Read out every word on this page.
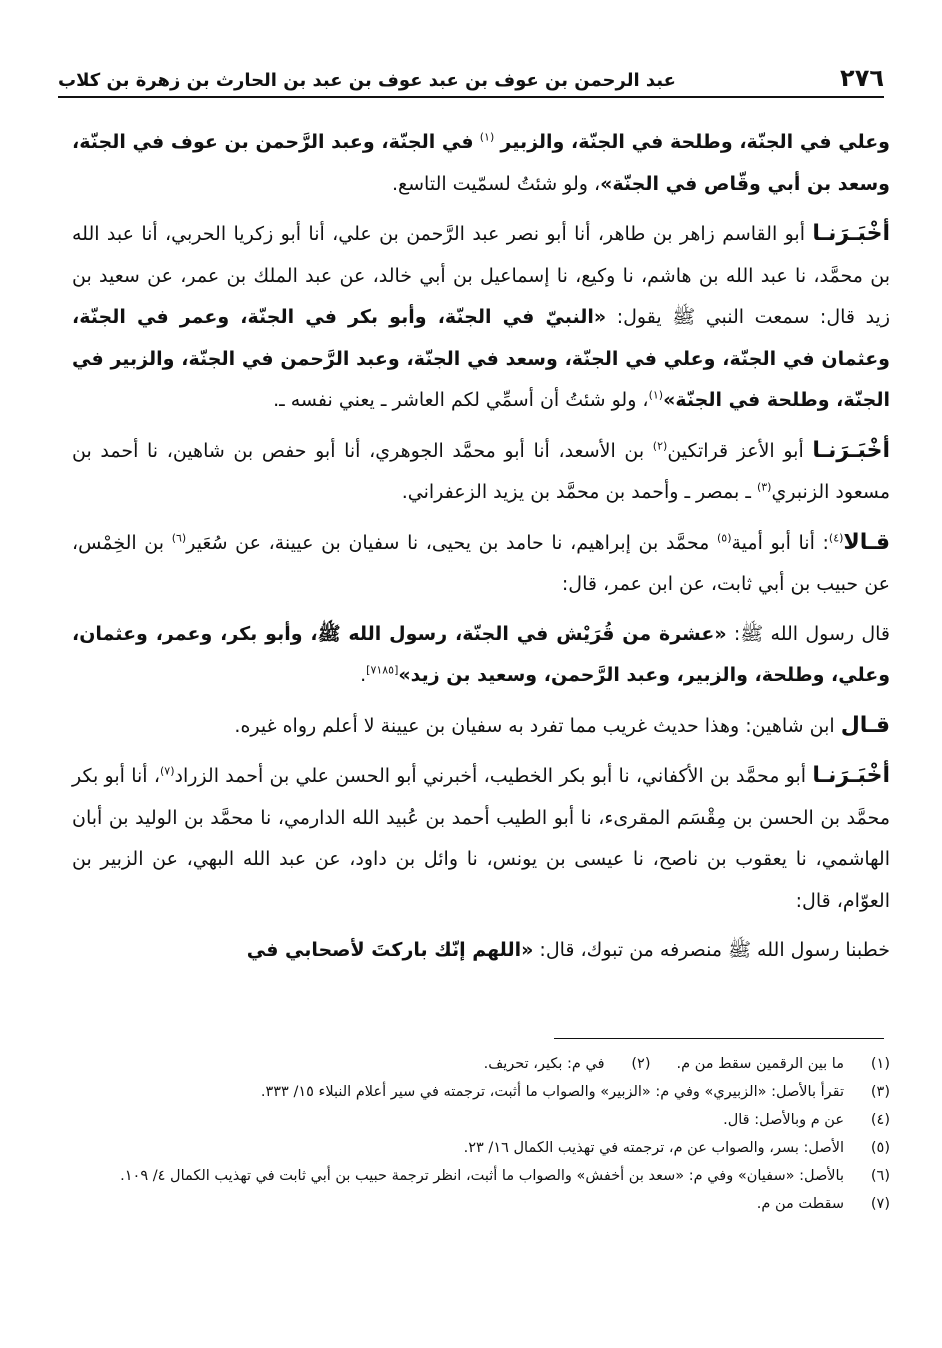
٢٧٦
عبد الرحمن بن عوف بن عبد عوف بن عبد بن الحارث بن زهرة بن كلاب

وعلي في الجنّة، وطلحة في الجنّة، والزبير $^{(١)}$ في الجنّة، وعبد الرَّحمن بن عوف في الجنّة، وسعد بن أبي وقّاص في الجنّة»، ولو شئتُ لسمّيت التاسع.

أخْبَـرَنـا أبو القاسم زاهر بن طاهر، أنا أبو نصر عبد الرَّحمن بن علي، أنا أبو زكريا الحربي، أنا عبد الله بن محمَّد، نا عبد الله بن هاشم، نا وكيع، نا إسماعيل بن أبي خالد، عن عبد الملك بن عمر، عن سعيد بن زيد قال: سمعت النبي ﷺ يقول: «النبيّ في الجنّة، وأبو بكر في الجنّة، وعمر في الجنّة، وعثمان في الجنّة، وعلي في الجنّة، وسعد في الجنّة، وعبد الرَّحمن في الجنّة، والزبير في الجنّة، وطلحة في الجنّة»$^{(١)}$، ولو شئتُ أن أسمِّي لكم العاشر ـ يعني نفسه ـ.

أخْبَـرَنـا أبو الأعز قراتكين$^{(٢)}$ بن الأسعد، أنا أبو محمَّد الجوهري، أنا أبو حفص بن شاهين، نا أحمد بن مسعود الزنبري$^{(٣)}$ ـ بمصر ـ وأحمد بن محمَّد بن يزيد الزعفراني.

قـالا$^{(٤)}$: أنا أبو أمية$^{(٥)}$ محمَّد بن إبراهيم، نا حامد بن يحيى، نا سفيان بن عيينة، عن سُعَير$^{(٦)}$ بن الخِمْس، عن حبيب بن أبي ثابت، عن ابن عمر، قال:

قال رسول الله ﷺ: «عشرة من قُرَيْش في الجنّة، رسول الله ﷺ، وأبو بكر، وعمر، وعثمان، وعلي، وطلحة، والزبير، وعبد الرَّحمن، وسعيد بن زيد»[٧١٨٥].

قـال ابن شاهين: وهذا حديث غريب مما تفرد به سفيان بن عيينة لا أعلم رواه غيره.

أخْبَـرَنـا أبو محمَّد بن الأكفاني، نا أبو بكر الخطيب، أخبرني أبو الحسن علي بن أحمد الزراد$^{(٧)}$، أنا أبو بكر محمَّد بن الحسن بن مِقْسَم المقرىء، نا أبو الطيب أحمد بن عُبيد الله الدارمي، نا محمَّد بن الوليد بن أبان الهاشمي، نا يعقوب بن ناصح، نا عيسى بن يونس، نا وائل بن داود، عن عبد الله البهي، عن الزبير بن العوّام، قال:

خطبنا رسول الله ﷺ منصرفه من تبوك، قال: «اللهم إنّك باركتَ لأصحابي في

(١)
ما بين الرقمين سقط من م.
(٢)
في م: بكير، تحريف.
(٣)
تقرأ بالأصل: «الزبيري» وفي م: «الزبير» والصواب ما أثبت، ترجمته في سير أعلام النبلاء ١٥/ ٣٣٣.
(٤)
عن م وبالأصل: قال.
(٥)
الأصل: بسر، والصواب عن م، ترجمته في تهذيب الكمال ١٦/ ٢٣.
(٦)
بالأصل: «سفيان» وفي م: «سعد بن أخفش» والصواب ما أثبت، انظر ترجمة حبيب بن أبي ثابت في تهذيب الكمال ٤/ ١٠٩.
(٧)
سقطت من م.
